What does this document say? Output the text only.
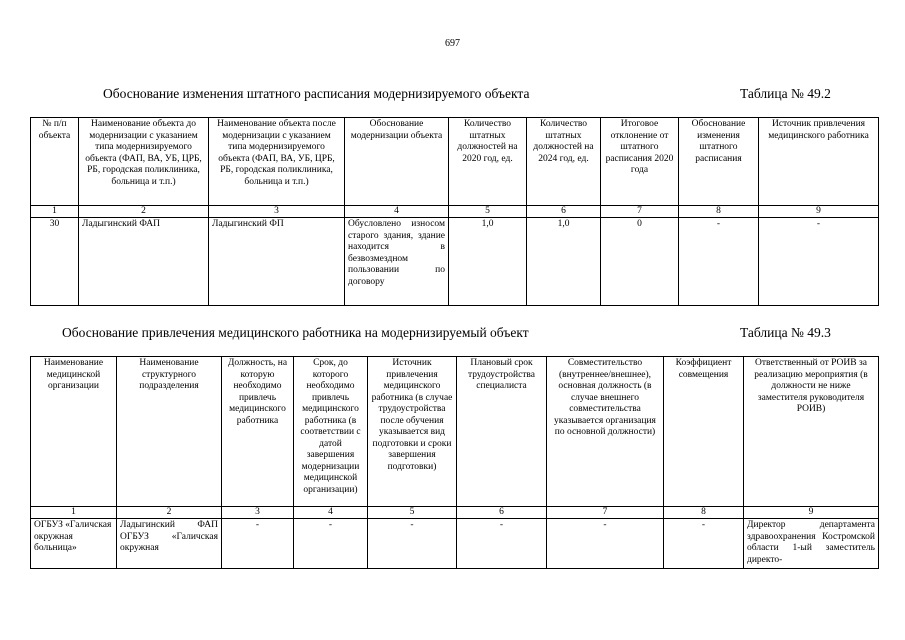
697
Обоснование изменения штатного расписания модернизируемого объекта	Таблица № 49.2
№ п/п объекта	Наименование объекта до модернизации с указанием типа модернизируемого объекта (ФАП, ВА, УБ, ЦРБ, РБ, городская поликлиника, больница и т.п.)	Наименование объекта после модернизации с указанием типа модернизируемого объекта (ФАП, ВА, УБ, ЦРБ, РБ, городская поликлиника, больница и т.п.)	Обоснование модернизации объекта	Количество штатных должностей на 2020 год, ед.	Количество штатных должностей на 2024 год, ед.	Итоговое отклонение от штатного расписания 2020 года	Обоснование изменения штатного расписания	Источник привлечения медицинского работника
1	2	3	4	5	6	7	8	9
30	Ладыгинский ФАП	Ладыгинский ФП	Обусловлено износом старого здания, здание находится в безвозмездном пользовании по договору	1,0	1,0	0	-	-
Обоснование привлечения медицинского работника на модернизируемый объект	Таблица № 49.3
Наименование медицинской организации	Наименование структурного подразделения	Должность, на которую необходимо привлечь медицинского работника	Срок, до которого необходимо привлечь медицинского работника (в соответствии с датой завершения модернизации медицинской организации)	Источник привлечения медицинского работника (в случае трудоустройства после обучения указывается вид подготовки и сроки завершения подготовки)	Плановый срок трудоустройства специалиста	Совместительство (внутреннее/внешнее), основная должность (в случае внешнего совместительства указывается организация по основной должности)	Коэффициент совмещения	Ответственный от РОИВ за реализацию мероприятия (в должности не ниже заместителя руководителя РОИВ)
1	2	3	4	5	6	7	8	9
ОГБУЗ «Галичская окружная больница»	Ладыгинский ФАП ОГБУЗ «Галичская окружная	-	-	-	-	-	-	Директор департамента здравоохранения Костромской области 1-ый заместитель директо-
